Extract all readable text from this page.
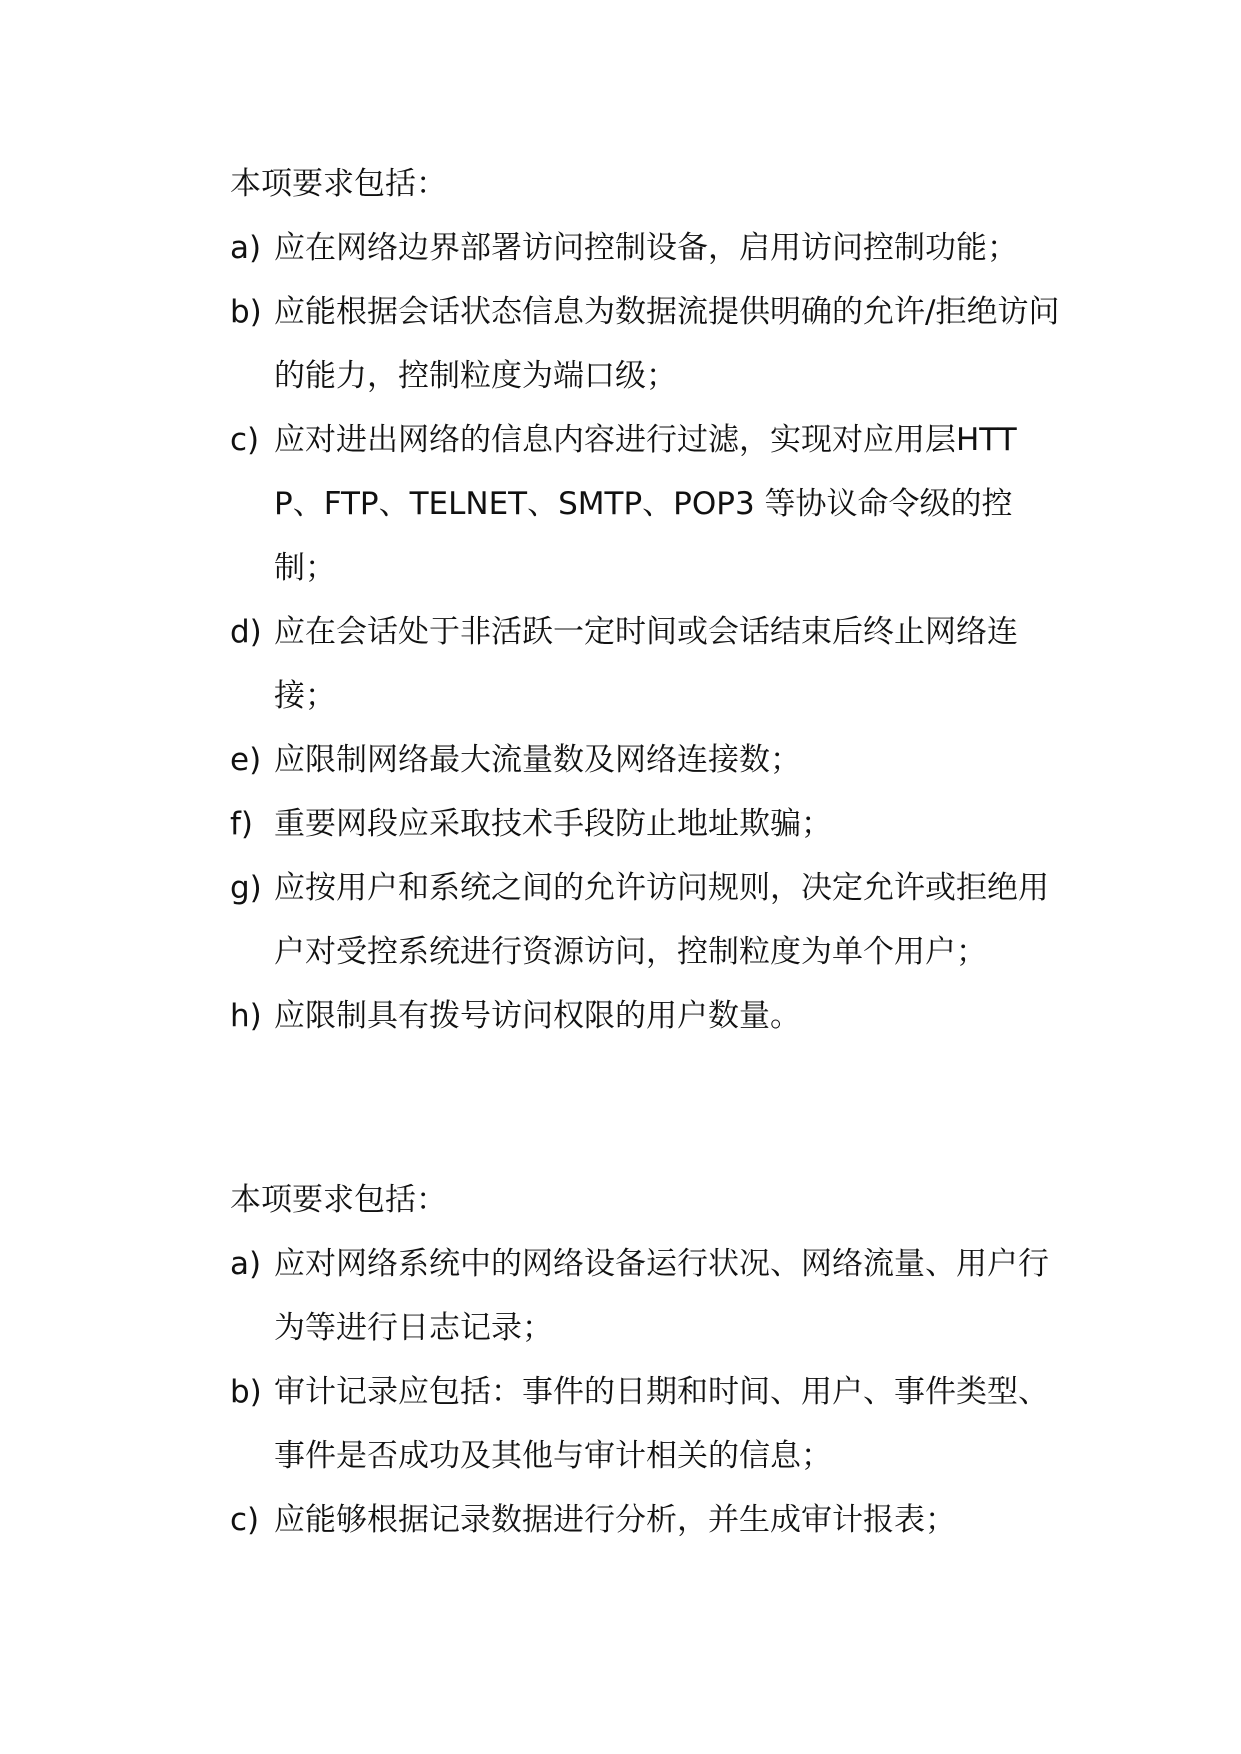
本项要求包括：
a) 应在网络边界部署访问控制设备，启用访问控制功能；
b) 应能根据会话状态信息为数据流提供明确的允许/拒绝访问的能力，控制粒度为端口级；
c) 应对进出网络的信息内容进行过滤，实现对应用层HTTP、FTP、TELNET、SMTP、POP3 等协议命令级的控制；
d) 应在会话处于非活跃一定时间或会话结束后终止网络连接；
e) 应限制网络最大流量数及网络连接数；
f) 重要网段应采取技术手段防止地址欺骗；
g) 应按用户和系统之间的允许访问规则，决定允许或拒绝用户对受控系统进行资源访问，控制粒度为单个用户；
h) 应限制具有拨号访问权限的用户数量。
本项要求包括：
a) 应对网络系统中的网络设备运行状况、网络流量、用户行为等进行日志记录；
b) 审计记录应包括：事件的日期和时间、用户、事件类型、事件是否成功及其他与审计相关的信息；
c) 应能够根据记录数据进行分析，并生成审计报表；
